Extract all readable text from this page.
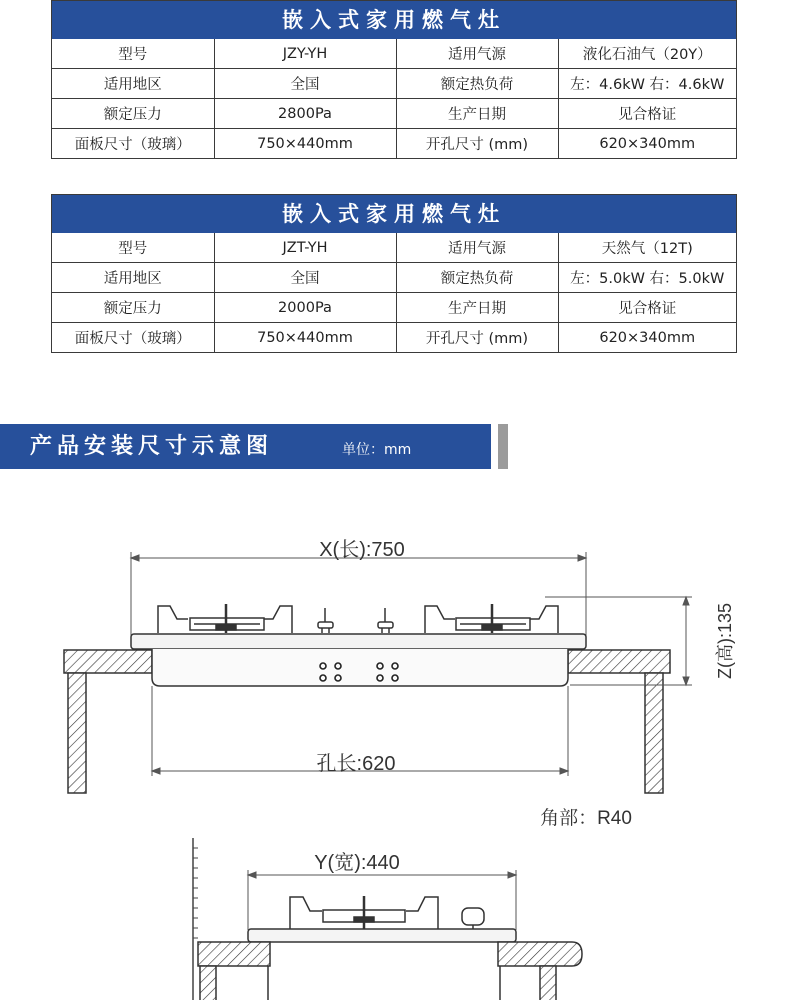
嵌入式家用燃气灶
型号	JZY-YH	适用气源	液化石油气（20Y）
适用地区	全国	额定热负荷	左：4.6kW 右：4.6kW
额定压力	2800Pa	生产日期	见合格证
面板尺寸（玻璃）	750×440mm	开孔尺寸 (mm)	620×340mm
嵌入式家用燃气灶
型号	JZT-YH	适用气源	天然气（12T)
适用地区	全国	额定热负荷	左：5.0kW 右：5.0kW
额定压力	2000Pa	生产日期	见合格证
面板尺寸（玻璃）	750×440mm	开孔尺寸 (mm)	620×340mm
产品安装尺寸示意图	单位：mm
X(长):750
Z(高):135
孔长:620
角部：R40
Y(宽):440
